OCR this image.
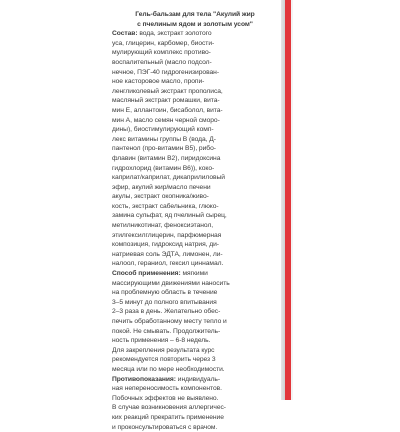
Гель-бальзам для тела "Акулий жир
с пчелиным ядом и золотым усом"
Состав: вода, экстракт золотого
уса, глицерин, карбомер, биости-
мулирующий комплекс противо-
воспалительный (масло подсол-
нечное, ПЭГ-40 гидрогенизирован-
ное касторовое масло, пропи-
ленгликолевый экстракт прополиса,
масляный экстракт ромашки, вита-
мин Е, аллантоин, бисаболол, вита-
мин А, масло семян черной сморо-
дины), биостимулирующий комп-
лекс витамины группы В (вода, Д-
пантенол (про-витамин В5), рибо-
флавин (витамин В2), пиридоксина
гидрохлорид (витамин В6)), коко-
каприлат/каприлат, дикаприлиловый
эфир, акулий жир/масло печени
акулы, экстракт окопника/живо-
кость, экстракт сабельника, глюко-
замина сульфат, яд пчелиный сырец,
метилникотинат, феноксиэтанол,
этилгексилглицерин, парфюмерная
композиция, гидроксид натрия, ди-
натриевая соль ЭДТА, лимонен, ли-
налоол, гераниол, гексил циннамал.
Способ применения: мягкими
массирующими движениями наносить
на проблемную область в течение
3–5 минут до полного впитывания
2–3 раза в день. Желательно обес-
печить обработанному месту тепло и
покой. Не смывать. Продолжитель-
ность применения – 6-8 недель.
Для закрепления результата курс
рекомендуется повторить через 3
месяца или по мере необходимости.
Противопоказания: индивидуаль-
ная непереносимость компонентов.
Побочных эффектов не выявлено.
В случае возникновения аллергичес-
ких реакций прекратить применение
и проконсультироваться с врачом.
